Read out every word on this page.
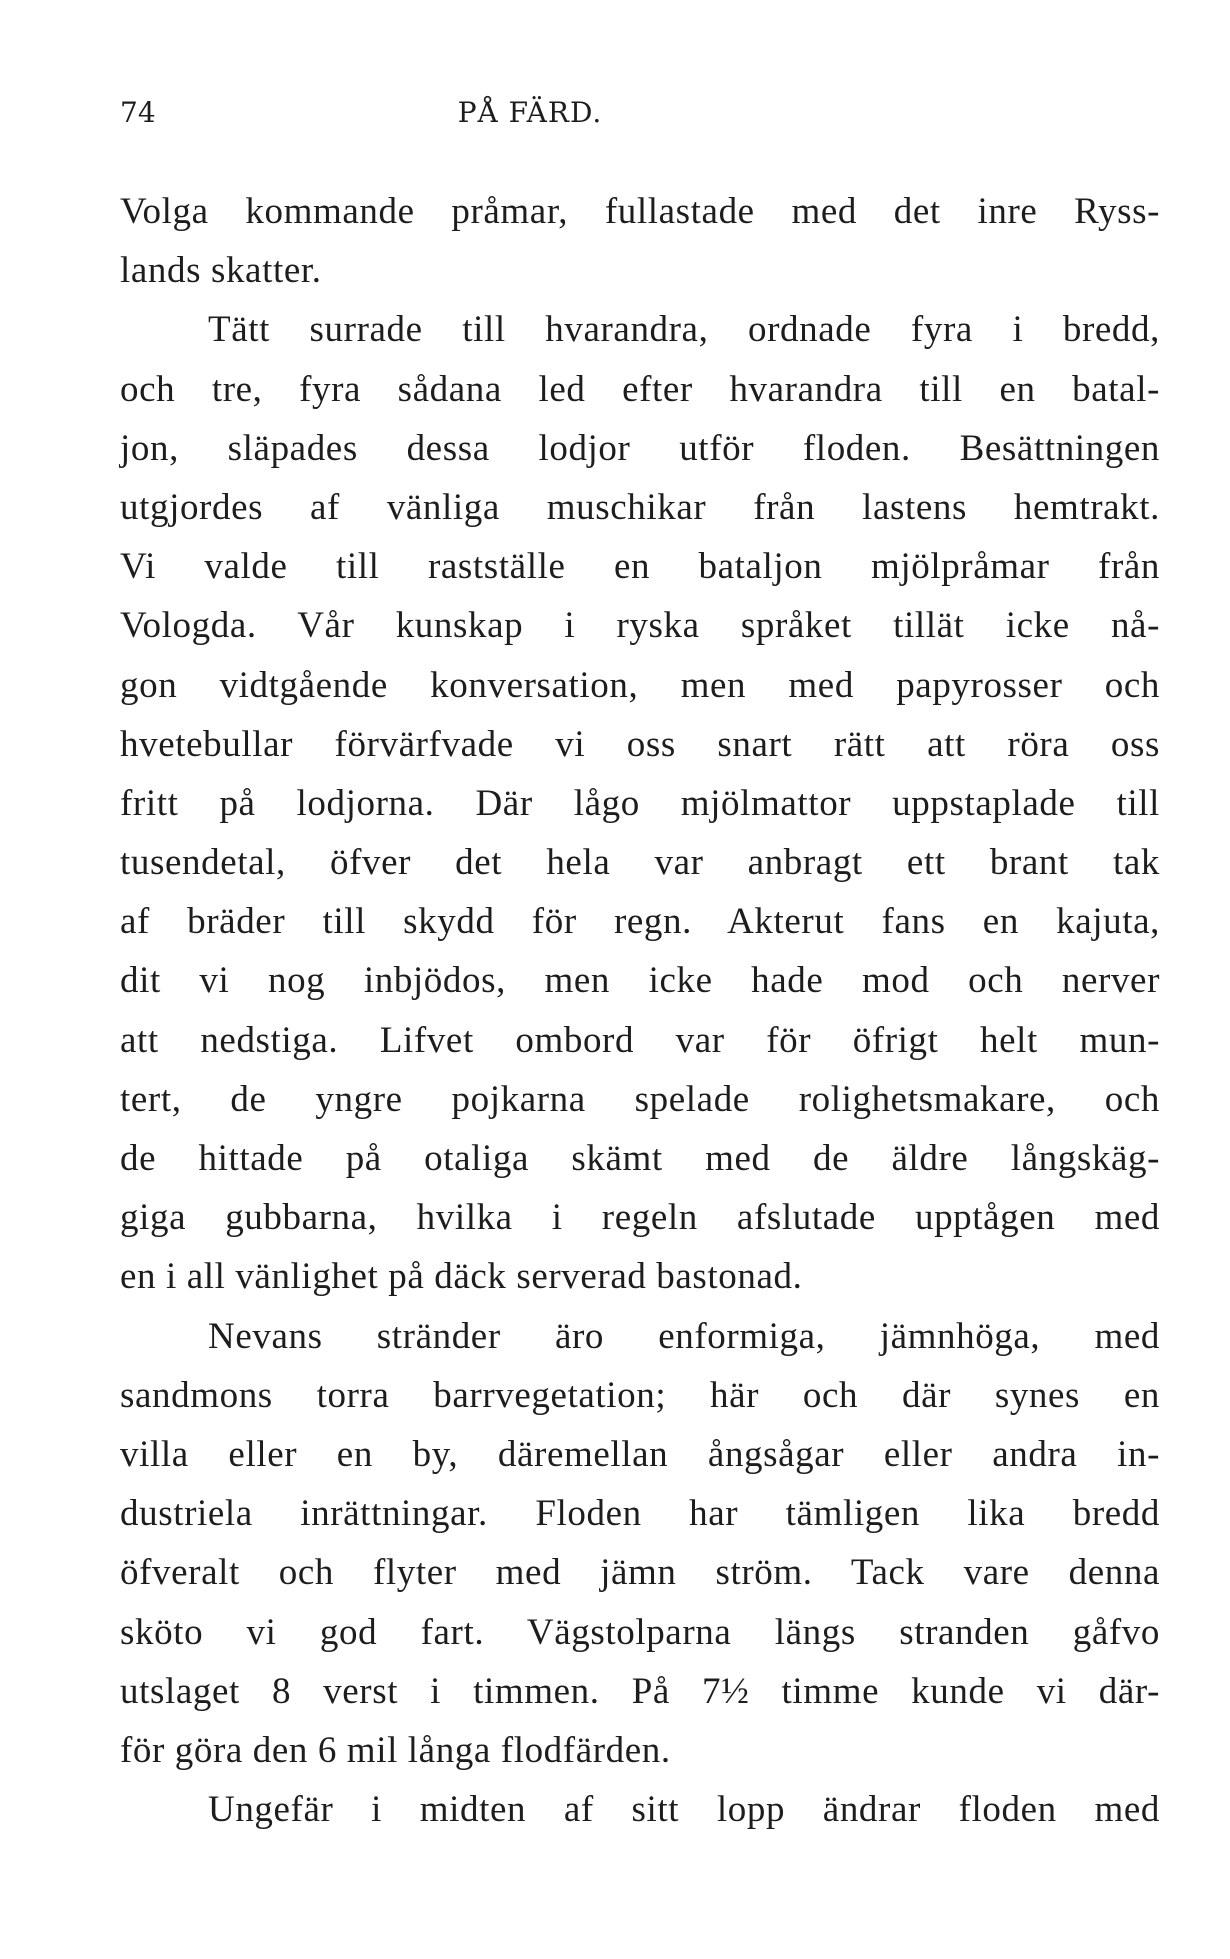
74	PÅ FÄRD.
Volga kommande pråmar, fullastade med det inre Ryss-
lands skatter.
Tätt surrade till hvarandra, ordnade fyra i bredd,
och tre, fyra sådana led efter hvarandra till en batal-
jon, släpades dessa lodjor utför floden. Besättningen
utgjordes af vänliga muschikar från lastens hemtrakt.
Vi valde till rastställe en bataljon mjölpråmar från
Vologda. Vår kunskap i ryska språket tillät icke nå-
gon vidtgående konversation, men med papyrosser och
hvetebullar förvärfvade vi oss snart rätt att röra oss
fritt på lodjorna. Där lågo mjölmattor uppstaplade till
tusendetal, öfver det hela var anbragt ett brant tak
af bräder till skydd för regn. Akterut fans en kajuta,
dit vi nog inbjödos, men icke hade mod och nerver
att nedstiga. Lifvet ombord var för öfrigt helt mun-
tert, de yngre pojkarna spelade rolighetsmakare, och
de hittade på otaliga skämt med de äldre långskäg-
giga gubbarna, hvilka i regeln afslutade upptågen med
en i all vänlighet på däck serverad bastonad.
Nevans stränder äro enformiga, jämnhöga, med
sandmons torra barrvegetation; här och där synes en
villa eller en by, däremellan ångsågar eller andra in-
dustriela inrättningar. Floden har tämligen lika bredd
öfveralt och flyter med jämn ström. Tack vare denna
sköto vi god fart. Vägstolparna längs stranden gåfvo
utslaget 8 verst i timmen. På 7½ timme kunde vi där-
för göra den 6 mil långa flodfärden.
Ungefär i midten af sitt lopp ändrar floden med
